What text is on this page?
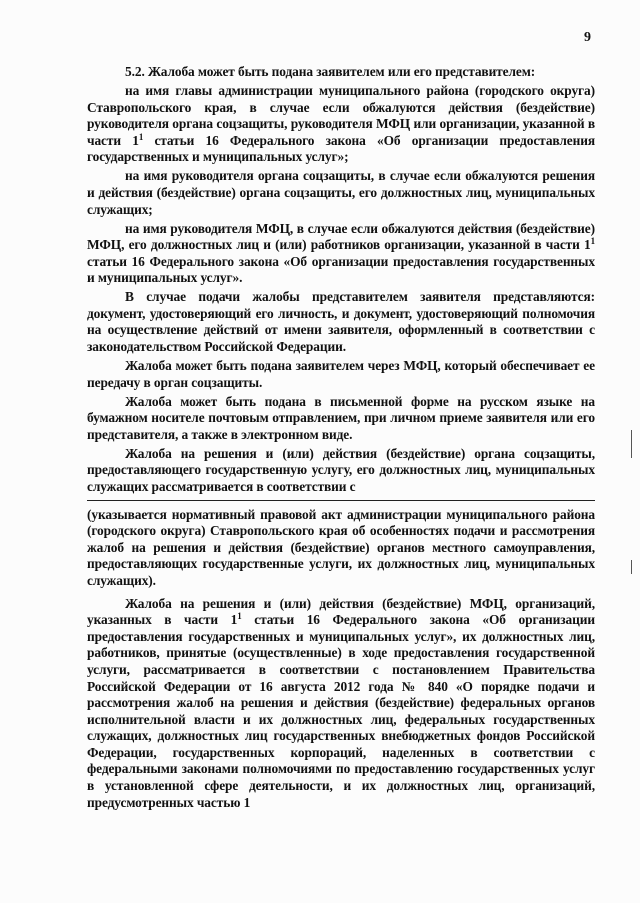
9

5.2. Жалоба может быть подана заявителем или его представителем:

на имя главы администрации муниципального района (городского округа) Ставропольского края, в случае если обжалуются действия (бездействие) руководителя органа соцзащиты, руководителя МФЦ или организации, указанной в части $1^1$ статьи 16 Федерального закона «Об организации предоставления государственных и муниципальных услуг»;

на имя руководителя органа соцзащиты, в случае если обжалуются решения и действия (бездействие) органа соцзащиты, его должностных лиц, муниципальных служащих;

на имя руководителя МФЦ, в случае если обжалуются действия (бездействие) МФЦ, его должностных лиц и (или) работников организации, указанной в части $1^1$ статьи 16 Федерального закона «Об организации предоставления государственных и муниципальных услуг».

В случае подачи жалобы представителем заявителя представляются: документ, удостоверяющий его личность, и документ, удостоверяющий полномочия на осуществление действий от имени заявителя, оформленный в соответствии с законодательством Российской Федерации.

Жалоба может быть подана заявителем через МФЦ, который обеспечивает ее передачу в орган соцзащиты.

Жалоба может быть подана в письменной форме на русском языке на бумажном носителе почтовым отправлением, при личном приеме заявителя или его представителя, а также в электронном виде.

Жалоба на решения и (или) действия (бездействие) органа соцзащиты, предоставляющего государственную услугу, его должностных лиц, муниципальных служащих рассматривается в соответствии с

(указывается нормативный правовой акт администрации муниципального района (городского округа) Ставропольского края об особенностях подачи и рассмотрения жалоб на решения и действия (бездействие) органов местного самоуправления, предоставляющих государственные услуги, их должностных лиц, муниципальных служащих).

Жалоба на решения и (или) действия (бездействие) МФЦ, организаций, указанных в части $1^1$ статьи 16 Федерального закона «Об организации предоставления государственных и муниципальных услуг», их должностных лиц, работников, принятые (осуществленные) в ходе предоставления государственной услуги, рассматривается в соответствии с постановлением Правительства Российской Федерации от 16 августа 2012 года № 840 «О порядке подачи и рассмотрения жалоб на решения и действия (бездействие) федеральных органов исполнительной власти и их должностных лиц, федеральных государственных служащих, должностных лиц государственных внебюджетных фондов Российской Федерации, государственных корпораций, наделенных в соответствии с федеральными законами полномочиями по предоставлению государственных услуг в установленной сфере деятельности, и их должностных лиц, организаций, предусмотренных частью 1
